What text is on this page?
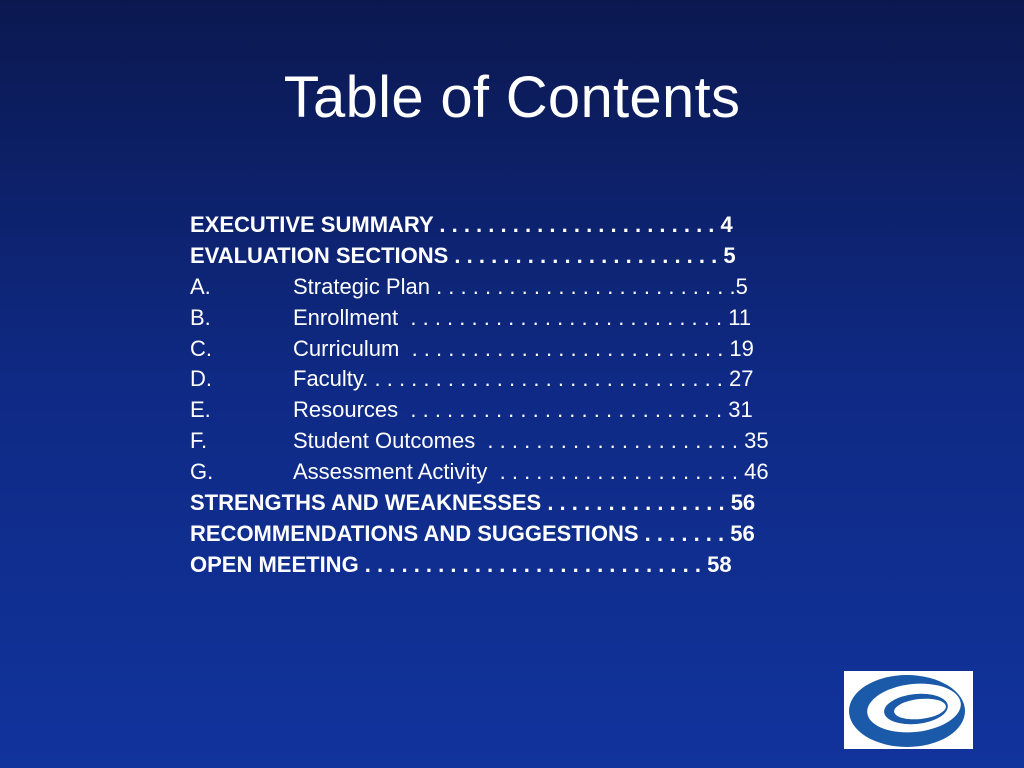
Table of Contents
EXECUTIVE SUMMARY . . . . . . . . . . . . . . . . . . . . . . . 4
EVALUATION SECTIONS . . . . . . . . . . . . . . . . . . . . . . 5
A.	Strategic Plan . . . . . . . . . . . . . . . . . . . . . . . . .5
B.	Enrollment  . . . . . . . . . . . . . . . . . . . . . . . . . . 11
C.	Curriculum  . . . . . . . . . . . . . . . . . . . . . . . . . . 19
D.	Faculty. . . . . . . . . . . . . . . . . . . . . . . . . . . . . . 27
E.	Resources  . . . . . . . . . . . . . . . . . . . . . . . . . . 31
F.	Student Outcomes  . . . . . . . . . . . . . . . . . . . . . 35
G.	Assessment Activity  . . . . . . . . . . . . . . . . . . . . 46
STRENGTHS AND WEAKNESSES . . . . . . . . . . . . . . . 56
RECOMMENDATIONS AND SUGGESTIONS . . . . . . . 56
OPEN MEETING . . . . . . . . . . . . . . . . . . . . . . . . . . . . 58
